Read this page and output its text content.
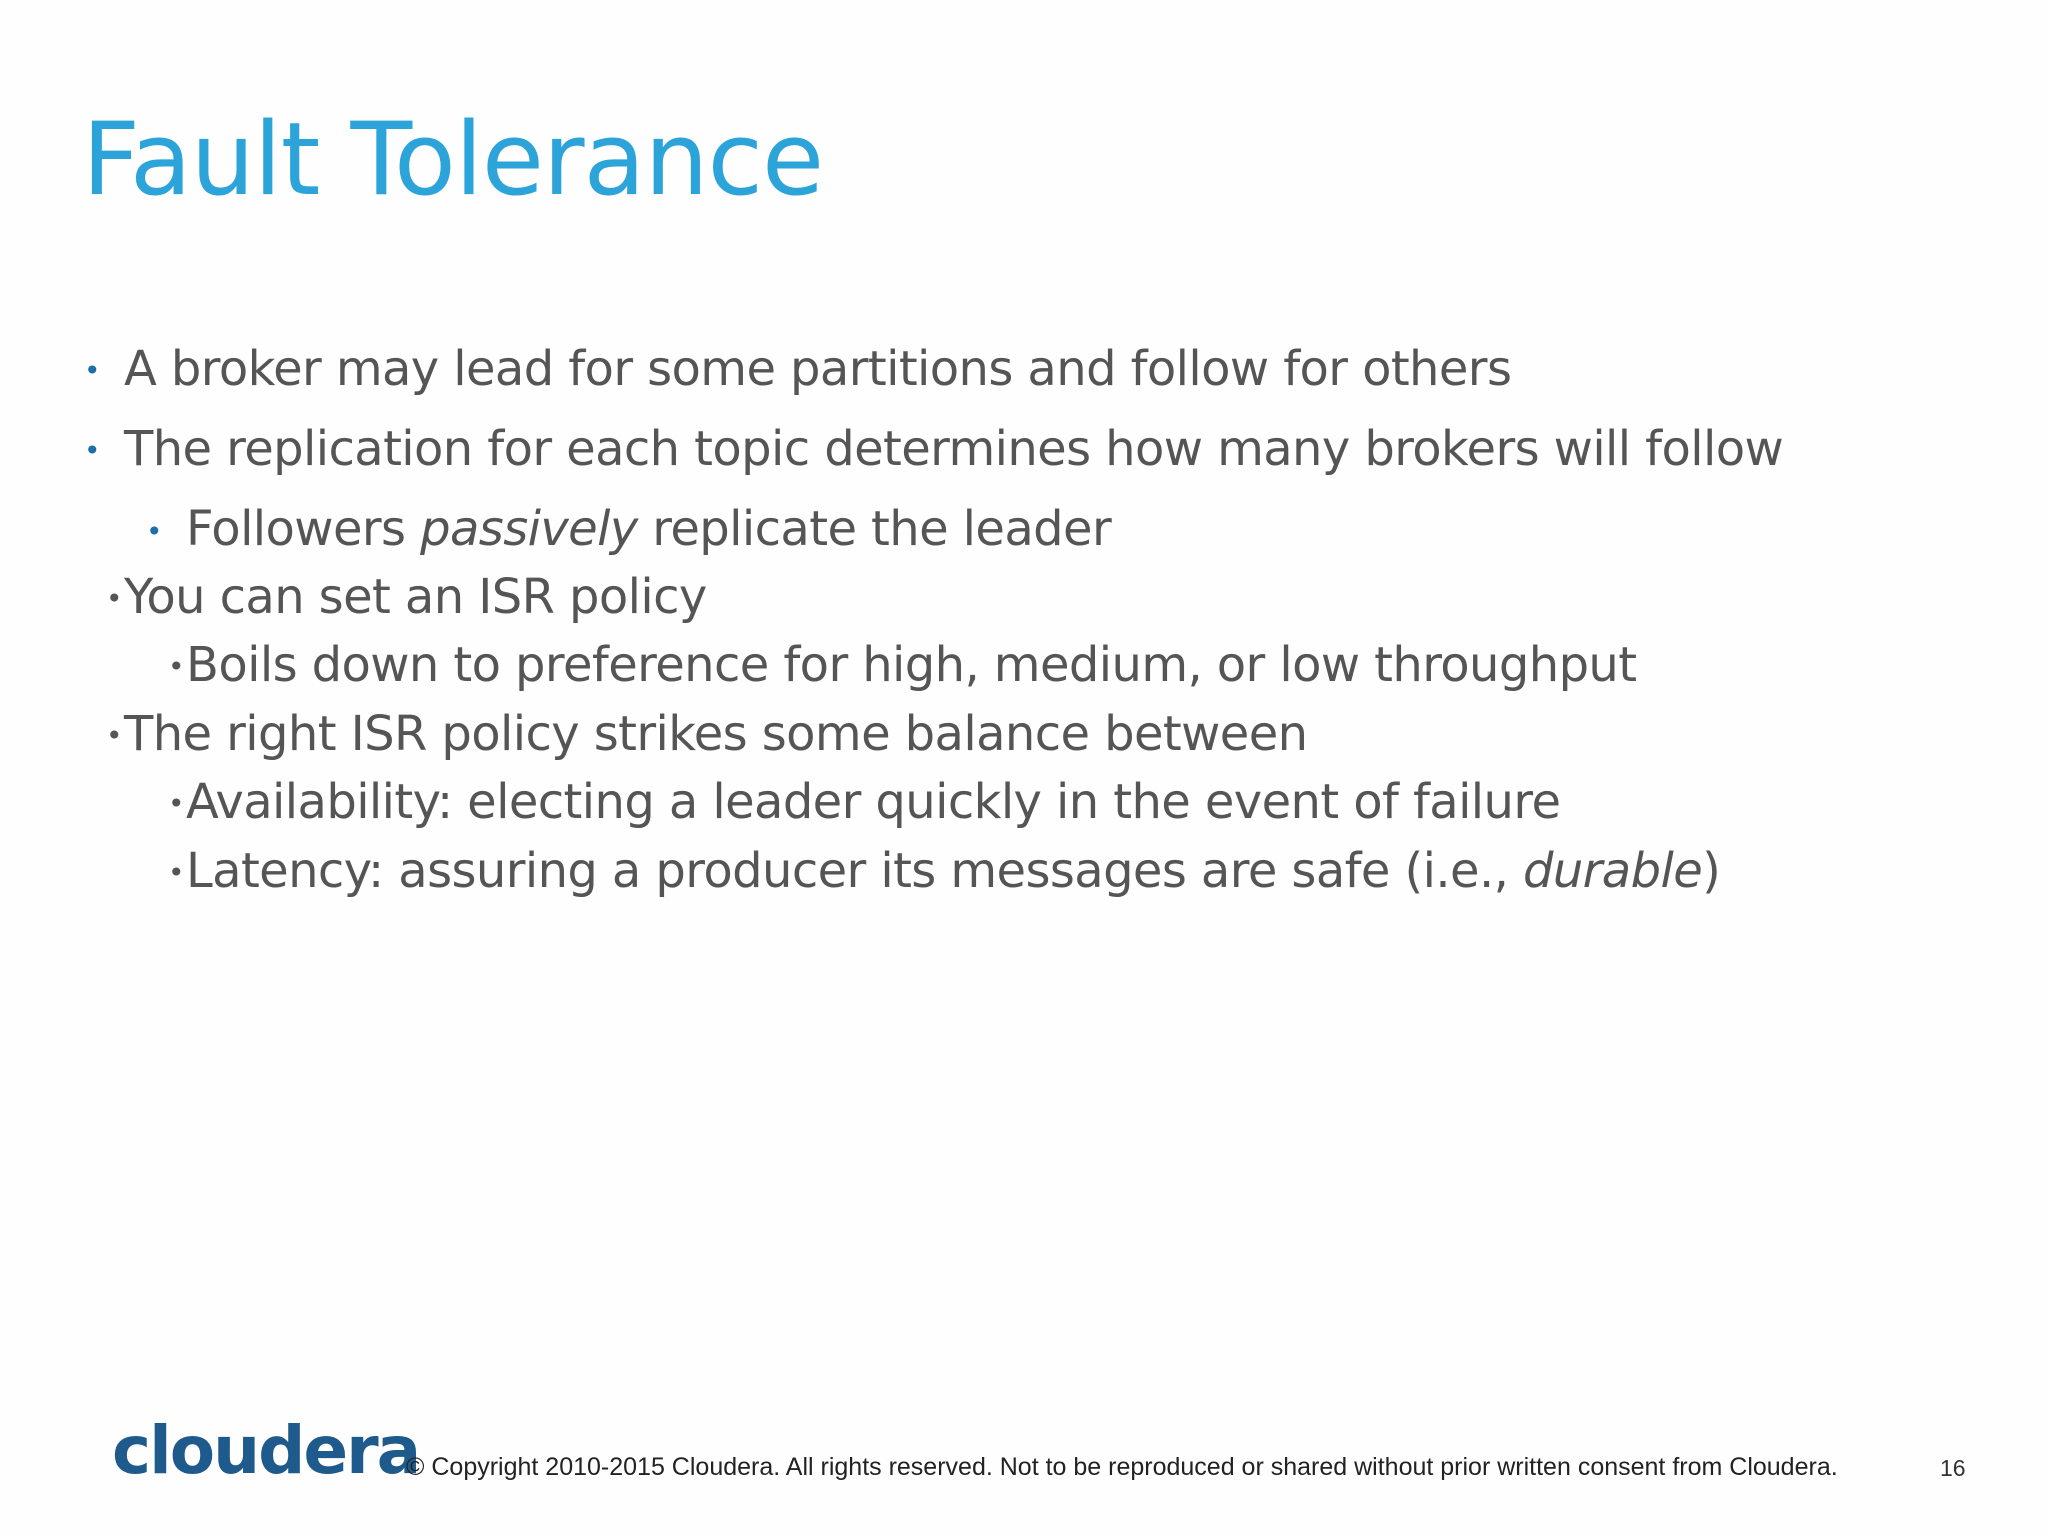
Fault Tolerance
• A broker may lead for some partitions and follow for others
• The replication for each topic determines how many brokers will follow
• Followers passively replicate the leader
• You can set an ISR policy
• Boils down to preference for high, medium, or low throughput
• The right ISR policy strikes some balance between
• Availability: electing a leader quickly in the event of failure
• Latency: assuring a producer its messages are safe (i.e., durable)
cloudera
© Copyright 2010-2015 Cloudera. All rights reserved. Not to be reproduced or shared without prior written consent from Cloudera.	16
